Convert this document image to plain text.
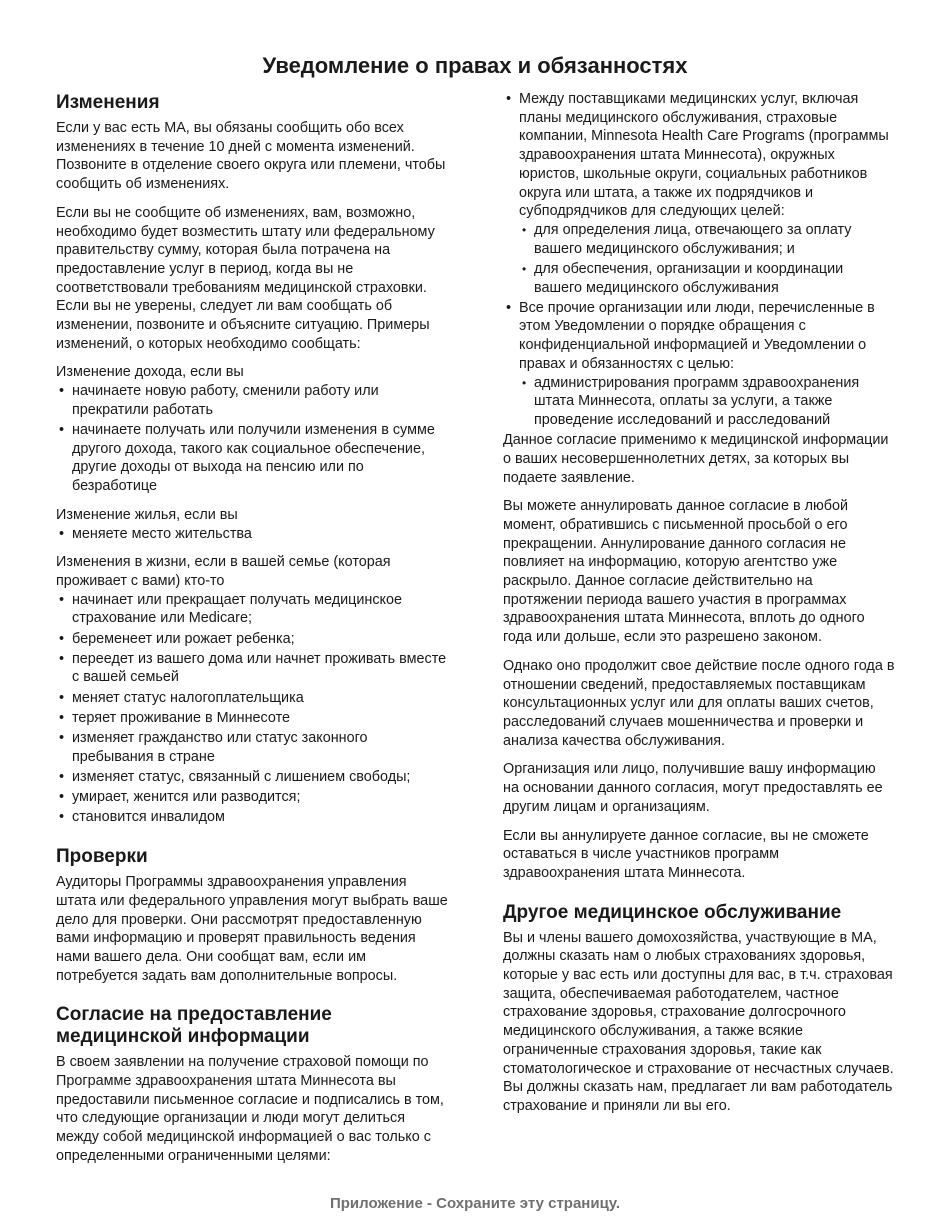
Уведомление о правах и обязанностях
Изменения

Если у вас есть МА, вы обязаны сообщить обо всех изменениях в течение 10 дней с момента изменений. Позвоните в отделение своего округа или племени, чтобы сообщить об изменениях.

Если вы не сообщите об изменениях, вам, возможно, необходимо будет возместить штату или федеральному правительству сумму, которая была потрачена на предоставление услуг в период, когда вы не соответствовали требованиям медицинской страховки. Если вы не уверены, следует ли вам сообщать об изменении, позвоните и объясните ситуацию. Примеры изменений, о которых необходимо сообщать:

Изменение дохода, если вы

• начинаете новую работу, сменили работу или прекратили работать
• начинаете получать или получили изменения в сумме другого дохода, такого как социальное обеспечение, другие доходы от выхода на пенсию или по безработице

Изменение жилья, если вы

• меняете место жительства

Изменения в жизни, если в вашей семье (которая проживает с вами) кто-то

• начинает или прекращает получать медицинское страхование или Medicare;
• беременеет или рожает ребенка;
• переедет из вашего дома или начнет проживать вместе с вашей семьей
• меняет статус налогоплательщика
• теряет проживание в Миннесоте
• изменяет гражданство или статус законного пребывания в стране
• изменяет статус, связанный с лишением свободы;
• умирает, женится или разводится;
• становится инвалидом
Проверки

Аудиторы Программы здравоохранения управления штата или федерального управления могут выбрать ваше дело для проверки. Они рассмотрят предоставленную вами информацию и проверят правильность ведения нами вашего дела. Они сообщат вам, если им потребуется задать вам дополнительные вопросы.

Согласие на предоставление медицинской информации

В своем заявлении на получение страховой помощи по Программе здравоохранения штата Миннесота вы предоставили письменное согласие и подписались в том, что следующие организации и люди могут делиться между собой медицинской информацией о вас только с определенными ограниченными целями:

• Между поставщиками медицинских услуг, включая планы медицинского обслуживания, страховые компании, Minnesota Health Care Programs (программы здравоохранения штата Миннесота), окружных юристов, школьные округи, социальных работников округа или штата, а также их подрядчиков и субподрядчиков для следующих целей:
• для определения лица, отвечающего за оплату вашего медицинского обслуживания; и
• для обеспечения, организации и координации вашего медицинского обслуживания
• Все прочие организации или люди, перечисленные в этом Уведомлении о порядке обращения с конфиденциальной информацией и Уведомлении о правах и обязанностях с целью:
• администрирования программ здравоохранения штата Миннесота, оплаты за услуги, а также проведение исследований и расследований

Данное согласие применимо к медицинской информации о ваших несовершеннолетних детях, за которых вы подаете заявление.

Вы можете аннулировать данное согласие в любой момент, обратившись с письменной просьбой о его прекращении. Аннулирование данного согласия не повлияет на информацию, которую агентство уже раскрыло. Данное согласие действительно на протяжении периода вашего участия в программах здравоохранения штата Миннесота, вплоть до одного года или дольше, если это разрешено законом.

Однако оно продолжит свое действие после одного года в отношении сведений, предоставляемых поставщикам консультационных услуг или для оплаты ваших счетов, расследований случаев мошенничества и проверки и анализа качества обслуживания.

Организация или лицо, получившие вашу информацию на основании данного согласия, могут предоставлять ее другим лицам и организациям.

Если вы аннулируете данное согласие, вы не сможете оставаться в числе участников программ здравоохранения штата Миннесота.

Другое медицинское обслуживание

Вы и члены вашего домохозяйства, участвующие в МА, должны сказать нам о любых страхованиях здоровья, которые у вас есть или доступны для вас, в т.ч. страховая защита, обеспечиваемая работодателем, частное страхование здоровья, страхование долгосрочного медицинского обслуживания, а также всякие ограниченные страхования здоровья, такие как стоматологическое и страхование от несчастных случаев. Вы должны сказать нам, предлагает ли вам работодатель страхование и приняли ли вы его.

Приложение - Сохраните эту страницу.
